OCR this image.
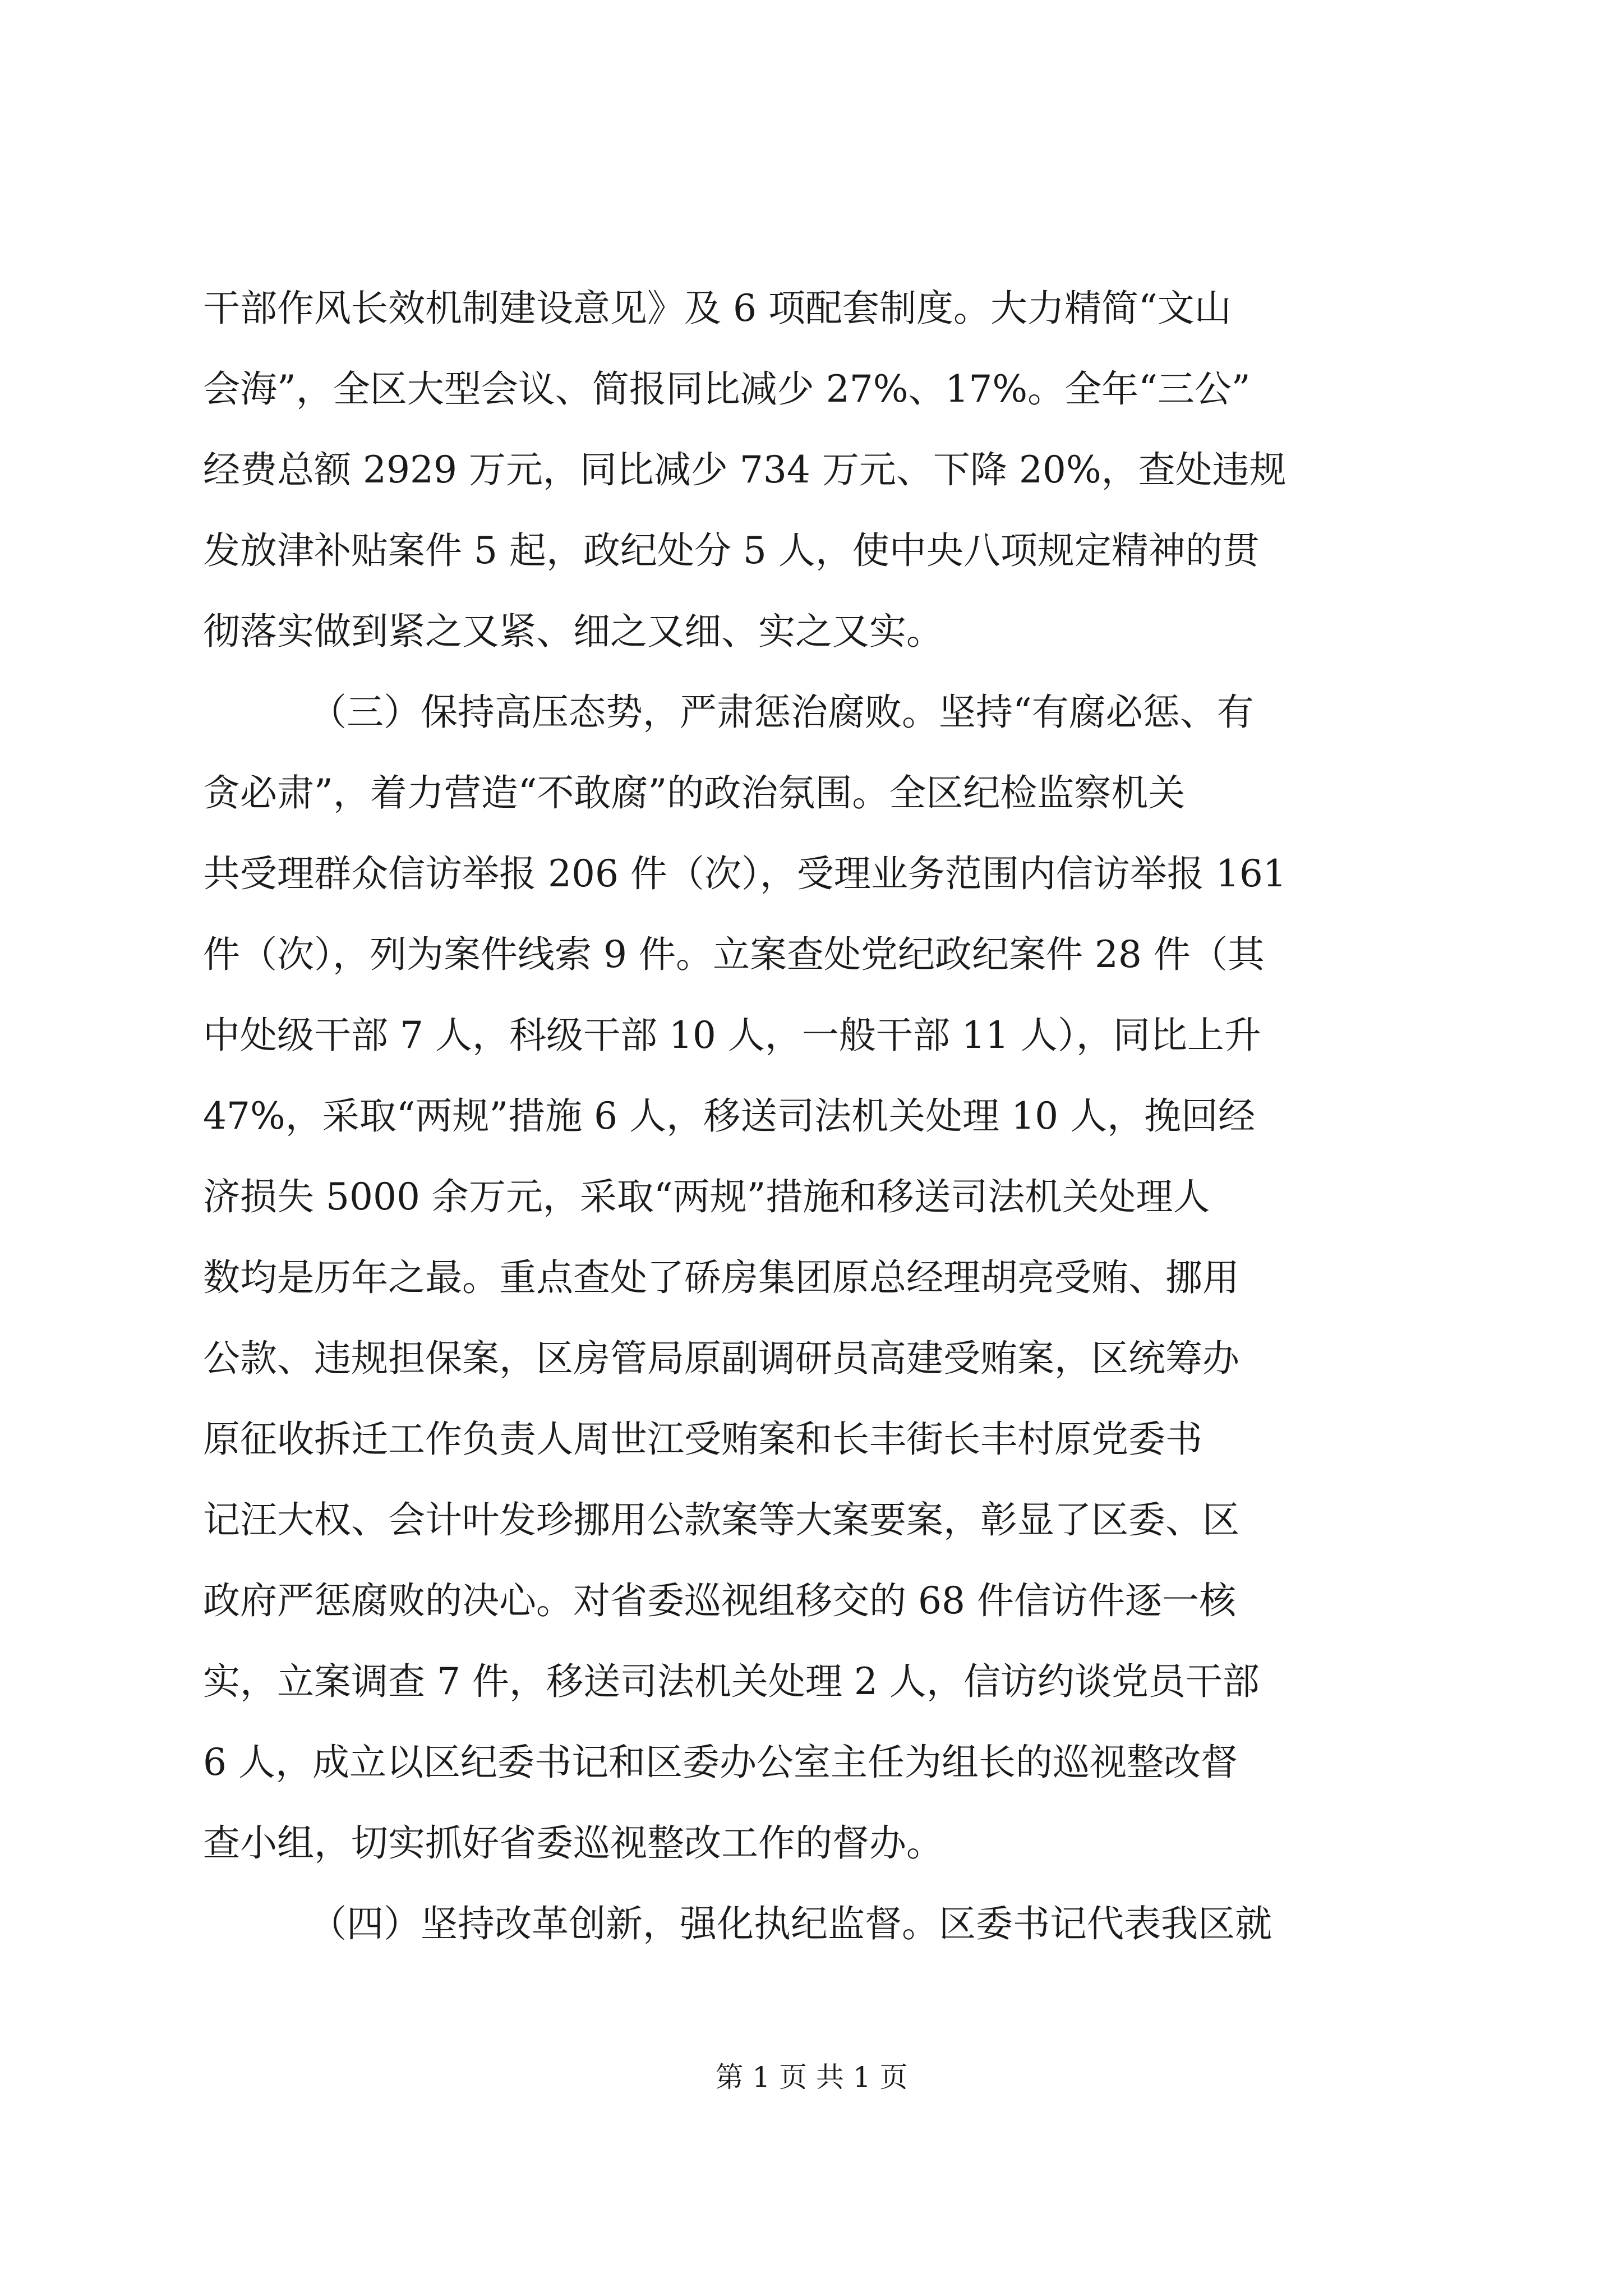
干部作风长效机制建设意见》及 6 项配套制度。大力精简“文山
会海”，全区大型会议、简报同比减少 27%、17%。全年“三公”
经费总额 2929 万元，同比减少 734 万元、下降 20%，查处违规
发放津补贴案件 5 起，政纪处分 5 人，使中央八项规定精神的贯
彻落实做到紧之又紧、细之又细、实之又实。
（三）保持高压态势，严肃惩治腐败。坚持“有腐必惩、有
贪必肃”，着力营造“不敢腐”的政治氛围。全区纪检监察机关
共受理群众信访举报 206 件（次），受理业务范围内信访举报 161
件（次），列为案件线索 9 件。立案查处党纪政纪案件 28 件（其
中处级干部 7 人，科级干部 10 人，一般干部 11 人），同比上升
47%，采取“两规”措施 6 人，移送司法机关处理 10 人，挽回经
济损失 5000 余万元，采取“两规”措施和移送司法机关处理人
数均是历年之最。重点查处了硚房集团原总经理胡亮受贿、挪用
公款、违规担保案，区房管局原副调研员高建受贿案，区统筹办
原征收拆迁工作负责人周世江受贿案和长丰街长丰村原党委书
记汪大权、会计叶发珍挪用公款案等大案要案，彰显了区委、区
政府严惩腐败的决心。对省委巡视组移交的 68 件信访件逐一核
实，立案调查 7 件，移送司法机关处理 2 人，信访约谈党员干部
6 人，成立以区纪委书记和区委办公室主任为组长的巡视整改督
查小组，切实抓好省委巡视整改工作的督办。
（四）坚持改革创新，强化执纪监督。区委书记代表我区就
第 1 页 共 1 页
